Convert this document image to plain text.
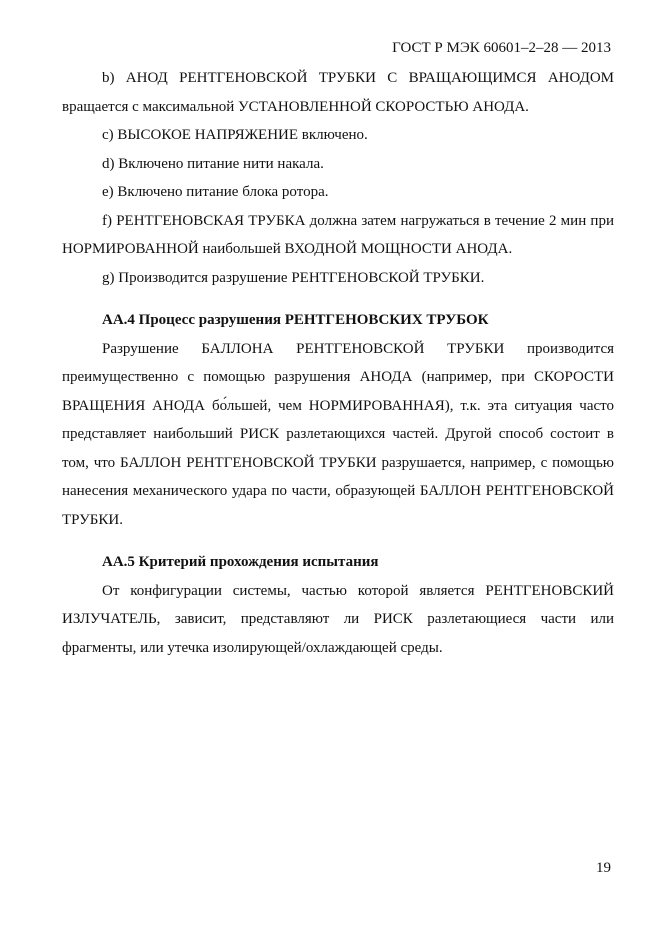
ГОСТ Р МЭК 60601–2–28 — 2013

b) АНОД РЕНТГЕНОВСКОЙ ТРУБКИ С ВРАЩАЮЩИМСЯ АНОДОМ вращается с максимальной УСТАНОВЛЕННОЙ СКОРОСТЬЮ АНОДА.

c) ВЫСОКОЕ НАПРЯЖЕНИЕ включено.

d) Включено питание нити накала.

e) Включено питание блока ротора.

f) РЕНТГЕНОВСКАЯ ТРУБКА должна затем нагружаться в течение 2 мин при НОРМИРОВАННОЙ наибольшей ВХОДНОЙ МОЩНОСТИ АНОДА.

g) Производится разрушение РЕНТГЕНОВСКОЙ ТРУБКИ.

АА.4 Процесс разрушения РЕНТГЕНОВСКИХ ТРУБОК

Разрушение БАЛЛОНА РЕНТГЕНОВСКОЙ ТРУБКИ производится преимущественно с помощью разрушения АНОДА (например, при СКОРОСТИ ВРАЩЕНИЯ АНОДА бо́льшей, чем НОРМИРОВАННАЯ), т.к. эта ситуация часто представляет наибольший РИСК разлетающихся частей. Другой способ состоит в том, что БАЛЛОН РЕНТГЕНОВСКОЙ ТРУБКИ разрушается, например, с помощью нанесения механического удара по части, образующей БАЛЛОН РЕНТГЕНОВСКОЙ ТРУБКИ.

АА.5 Критерий прохождения испытания

От конфигурации системы, частью которой является РЕНТГЕНОВСКИЙ ИЗЛУЧАТЕЛЬ, зависит, представляют ли РИСК разлетающиеся части или фрагменты, или утечка изолирующей/охлаждающей среды.

19
